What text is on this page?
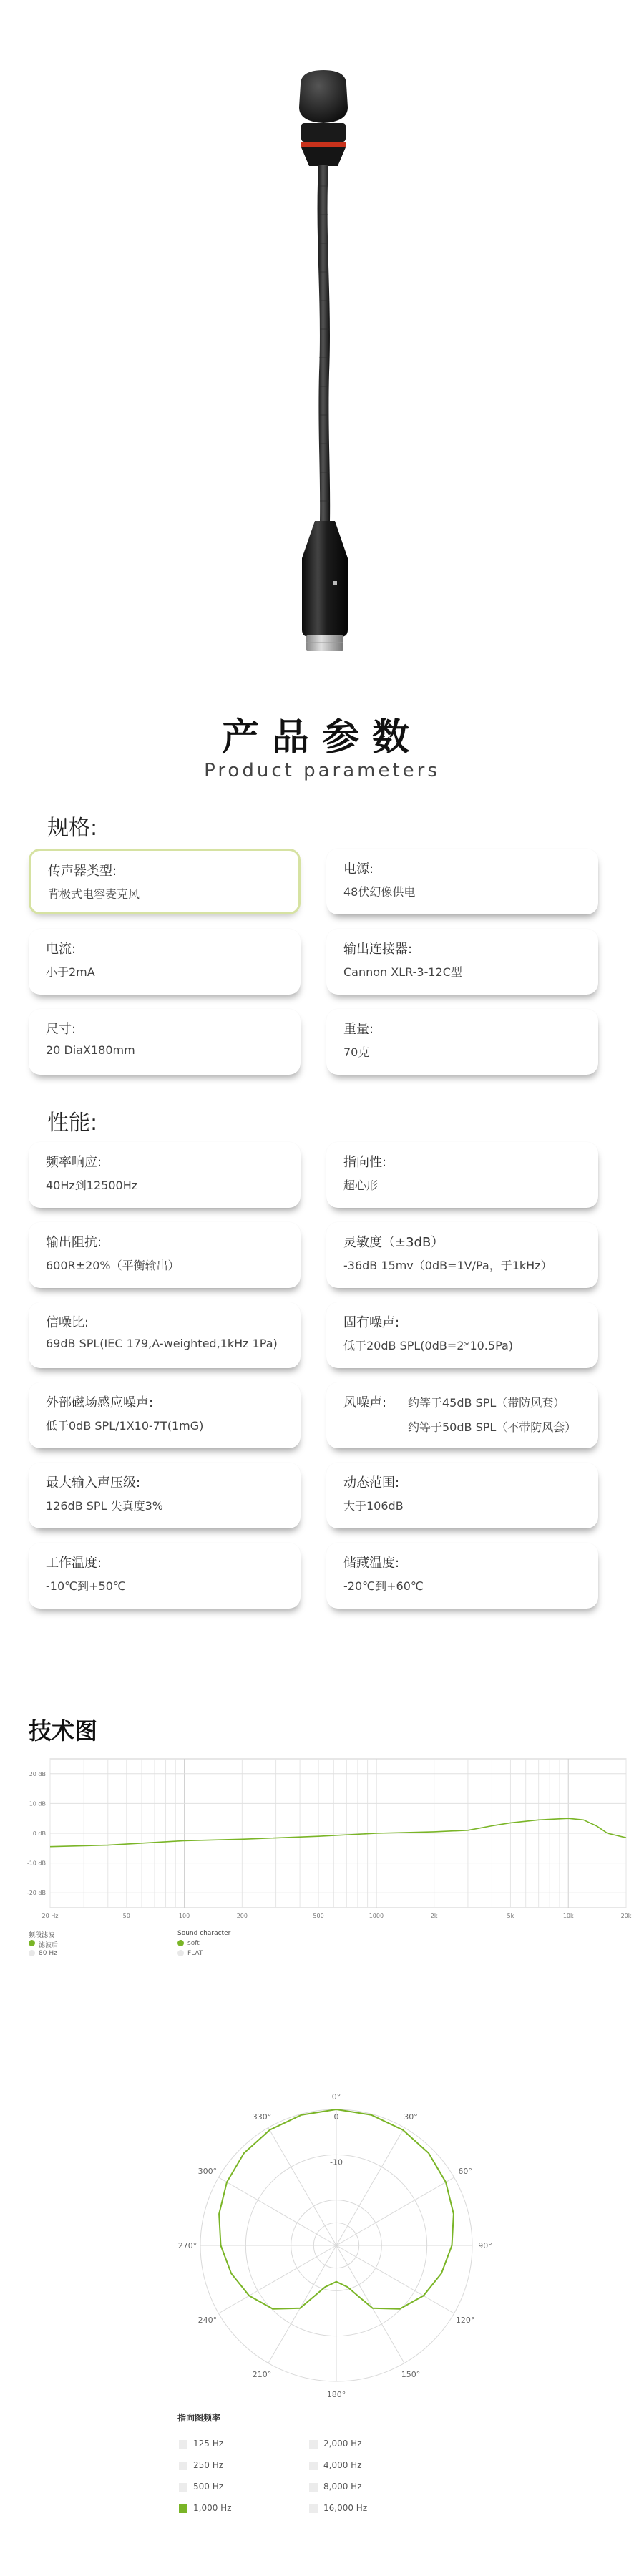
产品参数
Product parameters
规格:
传声器类型:
背极式电容麦克风
电源:
48伏幻像供电
电流:
小于2mA
输出连接器:
Cannon XLR-3-12C型
尺寸:
20 DiaX180mm
重量:
70克
性能:
频率响应:
40Hz到12500Hz
指向性:
超心形
输出阻抗:
600R±20%（平衡输出）
灵敏度（±3dB）
-36dB 15mv（0dB=1V/Pa，于1kHz）
信噪比:
69dB SPL(IEC 179,A-weighted,1kHz 1Pa)
固有噪声:
低于20dB SPL(0dB=2*10.5Pa)
外部磁场感应噪声:
低于0dB SPL/1X10-7T(1mG)
风噪声: 约等于45dB SPL（带防风套）
约等于50dB SPL（不带防风套）
最大输入声压级:
126dB SPL 失真度3%
动态范围:
大于106dB
工作温度:
-10℃到+50℃
储藏温度:
-20℃到+60℃
技术图
20 dB
10 dB
0 dB
-10 dB
-20 dB
20 Hz	50	100	200	500	1000	2k	5k	10k	20k
频段滤波
滤波后
80 Hz
Sound character
soft
FLAT
0°
30°
60°
90°
120°
150°
180°
210°
240°
270°
300°
330°	0
-10
指向图频率
125 Hz	2,000 Hz
250 Hz	4,000 Hz
500 Hz	8,000 Hz
1,000 Hz	16,000 Hz
